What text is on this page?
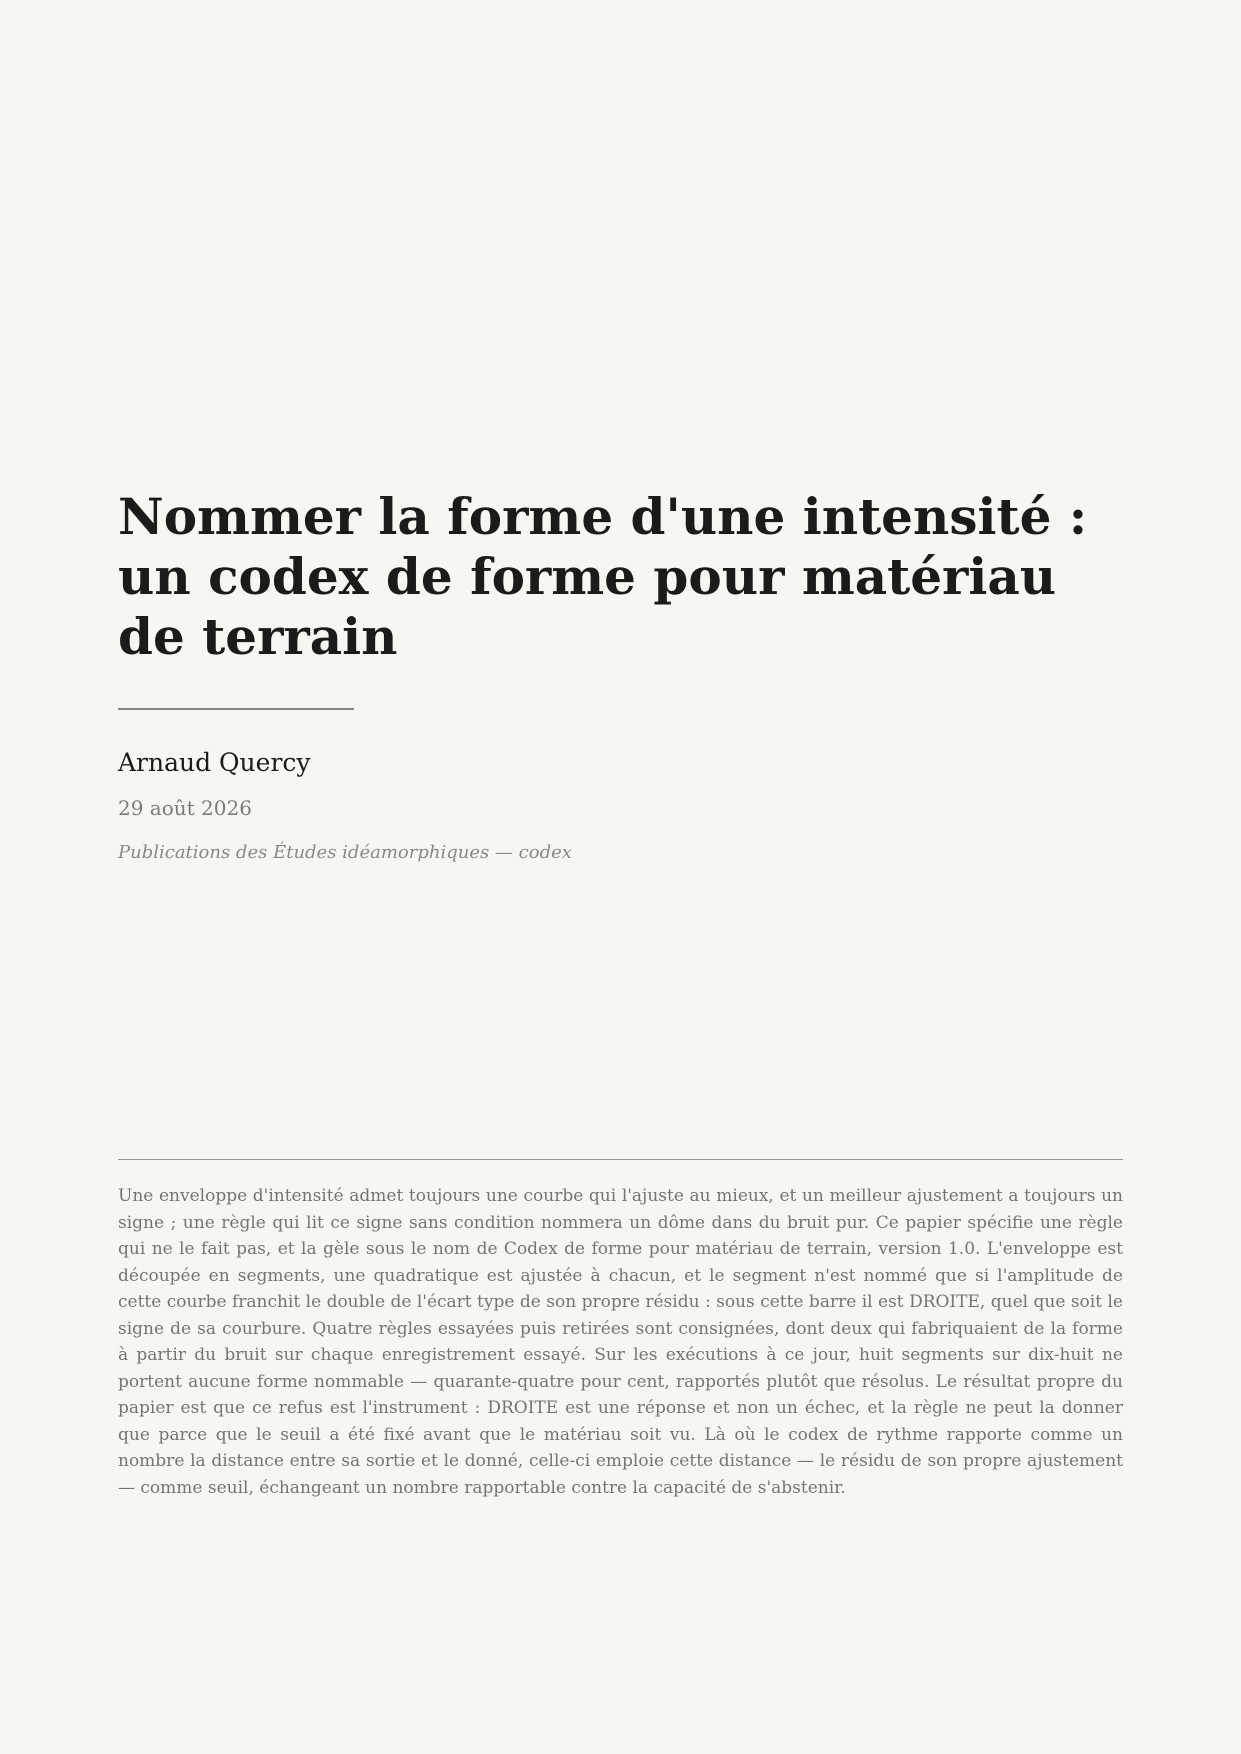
Nommer la forme d'une intensité : un codex de forme pour matériau de terrain
Arnaud Quercy
29 août 2026
Publications des Études idéamorphiques — codex

Une enveloppe d'intensité admet toujours une courbe qui l'ajuste au mieux, et un meilleur ajustement a toujours un signe ; une règle qui lit ce signe sans condition nommera un dôme dans du bruit pur. Ce papier spécifie une règle qui ne le fait pas, et la gèle sous le nom de Codex de forme pour matériau de terrain, version 1.0. L'enveloppe est découpée en segments, une quadratique est ajustée à chacun, et le segment n'est nommé que si l'amplitude de cette courbe franchit le double de l'écart type de son propre résidu : sous cette barre il est DROITE, quel que soit le signe de sa courbure. Quatre règles essayées puis retirées sont consignées, dont deux qui fabriquaient de la forme à partir du bruit sur chaque enregistrement essayé. Sur les exécutions à ce jour, huit segments sur dix-huit ne portent aucune forme nommable — quarante-quatre pour cent, rapportés plutôt que résolus. Le résultat propre du papier est que ce refus est l'instrument : DROITE est une réponse et non un échec, et la règle ne peut la donner que parce que le seuil a été fixé avant que le matériau soit vu. Là où le codex de rythme rapporte comme un nombre la distance entre sa sortie et le donné, celle-ci emploie cette distance — le résidu de son propre ajustement — comme seuil, échangeant un nombre rapportable contre la capacité de s'abstenir.
